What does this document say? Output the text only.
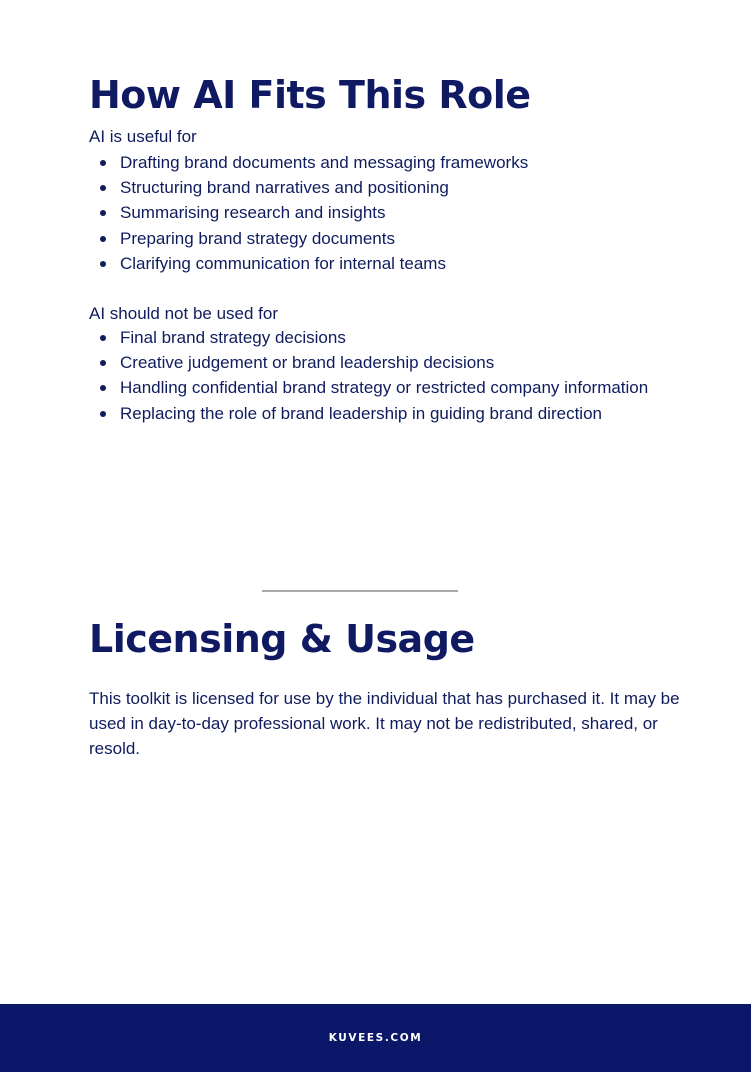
How AI Fits This Role

AI is useful for

Drafting brand documents and messaging frameworks
Structuring brand narratives and positioning
Summarising research and insights
Preparing brand strategy documents
Clarifying communication for internal teams

AI should not be used for

Final brand strategy decisions
Creative judgement or brand leadership decisions
Handling confidential brand strategy or restricted company information
Replacing the role of brand leadership in guiding brand direction
Licensing & Usage

This toolkit is licensed for use by the individual that has purchased it. It may be used in day-to-day professional work. It may not be redistributed, shared, or resold.

KUVEES.COM
